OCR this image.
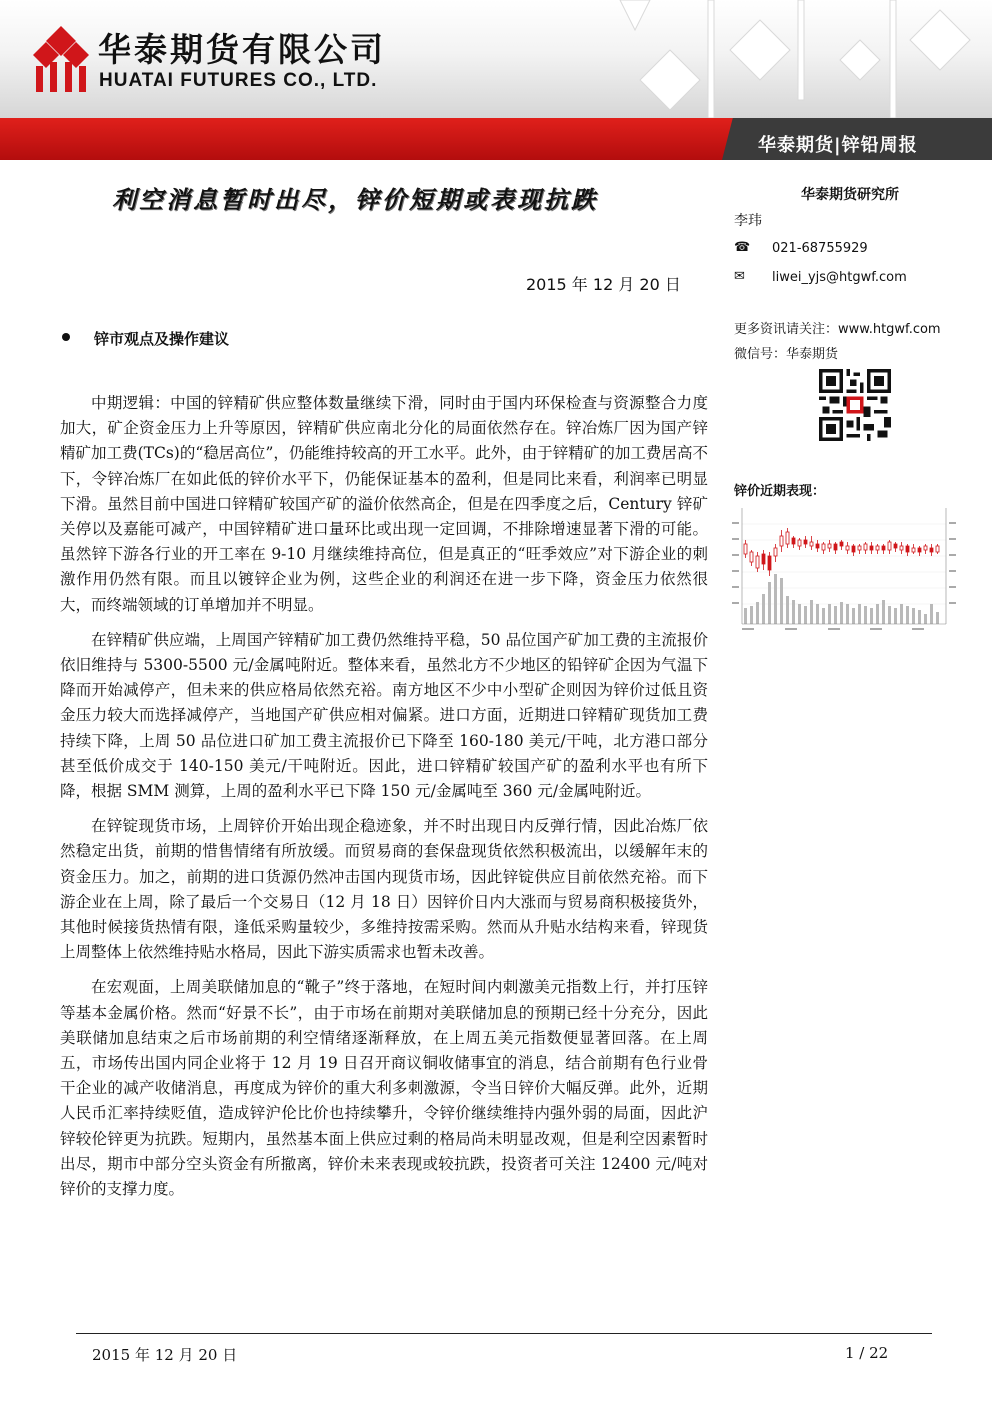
华泰期货有限公司
HUATAI FUTURES CO., LTD.
华泰期货|锌铅周报
利空消息暂时出尽，锌价短期或表现抗跌
2015 年 12 月 20 日
锌市观点及操作建议

中期逻辑：中国的锌精矿供应整体数量继续下滑，同时由于国内环保检查与资源整合力度加大，矿企资金压力上升等原因，锌精矿供应南北分化的局面依然存在。锌冶炼厂因为国产锌精矿加工费(TCs)的“稳居高位”，仍能维持较高的开工水平。此外，由于锌精矿的加工费居高不下，令锌冶炼厂在如此低的锌价水平下，仍能保证基本的盈利，但是同比来看，利润率已明显下滑。虽然目前中国进口锌精矿较国产矿的溢价依然高企，但是在四季度之后，Century 锌矿关停以及嘉能可减产，中国锌精矿进口量环比或出现一定回调，不排除增速显著下滑的可能。虽然锌下游各行业的开工率在 9-10 月继续维持高位，但是真正的“旺季效应”对下游企业的刺激作用仍然有限。而且以镀锌企业为例，这些企业的利润还在进一步下降，资金压力依然很大，而终端领域的订单增加并不明显。

在锌精矿供应端，上周国产锌精矿加工费仍然维持平稳，50 品位国产矿加工费的主流报价依旧维持与 5300-5500 元/金属吨附近。整体来看，虽然北方不少地区的铅锌矿企因为气温下降而开始减停产，但未来的供应格局依然充裕。南方地区不少中小型矿企则因为锌价过低且资金压力较大而选择减停产，当地国产矿供应相对偏紧。进口方面，近期进口锌精矿现货加工费持续下降，上周 50 品位进口矿加工费主流报价已下降至 160-180 美元/干吨，北方港口部分甚至低价成交于 140-150 美元/干吨附近。因此，进口锌精矿较国产矿的盈利水平也有所下降，根据 SMM 测算，上周的盈利水平已下降 150 元/金属吨至 360 元/金属吨附近。

在锌锭现货市场，上周锌价开始出现企稳迹象，并不时出现日内反弹行情，因此冶炼厂依然稳定出货，前期的惜售情绪有所放缓。而贸易商的套保盘现货依然积极流出，以缓解年末的资金压力。加之，前期的进口货源仍然冲击国内现货市场，因此锌锭供应目前依然充裕。而下游企业在上周，除了最后一个交易日（12 月 18 日）因锌价日内大涨而与贸易商积极接货外，其他时候接货热情有限，逢低采购量较少，多维持按需采购。然而从升贴水结构来看，锌现货上周整体上依然维持贴水格局，因此下游实质需求也暂未改善。

在宏观面，上周美联储加息的“靴子”终于落地，在短时间内刺激美元指数上行，并打压锌等基本金属价格。然而“好景不长”，由于市场在前期对美联储加息的预期已经十分充分，因此美联储加息结束之后市场前期的利空情绪逐渐释放，在上周五美元指数便显著回落。在上周五，市场传出国内同企业将于 12 月 19 日召开商议铜收储事宜的消息，结合前期有色行业骨干企业的减产收储消息，再度成为锌价的重大利多刺激源，令当日锌价大幅反弹。此外，近期人民币汇率持续贬值，造成锌沪伦比价也持续攀升，令锌价继续维持内强外弱的局面，因此沪锌较伦锌更为抗跌。短期内，虽然基本面上供应过剩的格局尚未明显改观，但是利空因素暂时出尽，期市中部分空头资金有所撤离，锌价未来表现或较抗跌，投资者可关注 12400 元/吨对锌价的支撑力度。

华泰期货研究所
李玮
☎ 021-68755929
✉ liwei_yjs@htgwf.com
更多资讯请关注：www.htgwf.com
微信号：华泰期货
锌价近期表现：
2015 年 12 月 20 日	1 / 22
